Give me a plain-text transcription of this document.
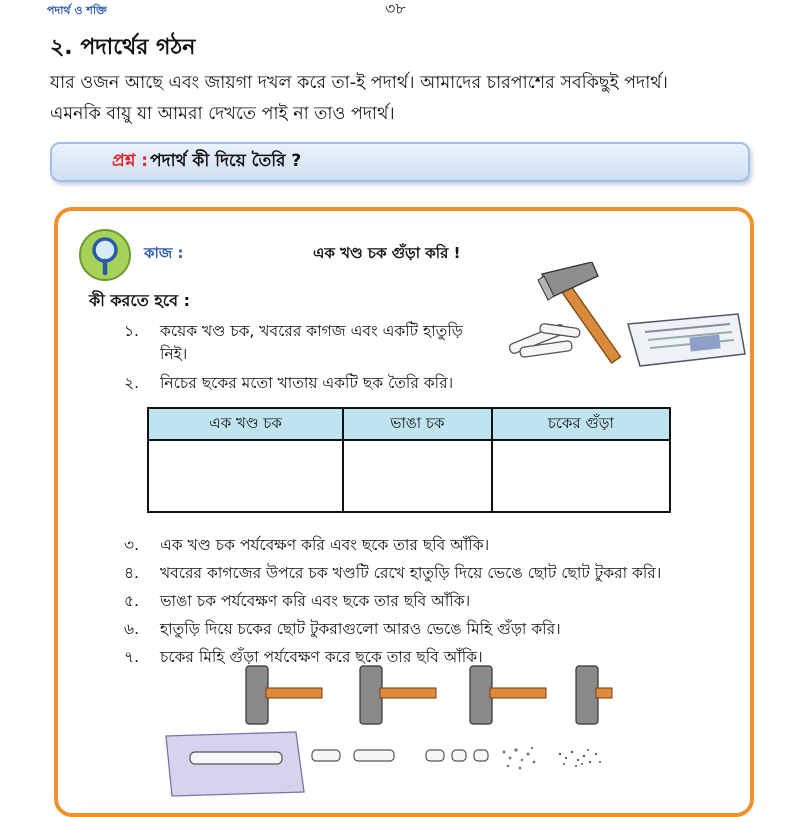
পদার্থ ও শক্তি	৩৮
২. পদার্থের গঠন
যার ওজন আছে এবং জায়গা দখল করে তা-ই পদার্থ। আমাদের চারপাশের সবকিছুই পদার্থ।
এমনকি বায়ু যা আমরা দেখতে পাই না তাও পদার্থ।
প্রশ্ন : পদার্থ কী দিয়ে তৈরি ?
কাজ :	এক খণ্ড চক গুঁড়া করি !
কী করতে হবে :
১. কয়েক খণ্ড চক, খবরের কাগজ এবং একটি হাতুড়ি
নিই।
২. নিচের ছকের মতো খাতায় একটি ছক তৈরি করি।
এক খণ্ড চক	ভাঙা চক	চকের গুঁড়া

৩. এক খণ্ড চক পর্যবেক্ষণ করি এবং ছকে তার ছবি আঁকি।
৪. খবরের কাগজের উপরে চক খণ্ডটি রেখে হাতুড়ি দিয়ে ভেঙে ছোট ছোট টুকরা করি।
৫. ভাঙা চক পর্যবেক্ষণ করি এবং ছকে তার ছবি আঁকি।
৬. হাতুড়ি দিয়ে চকের ছোট টুকরাগুলো আরও ভেঙে মিহি গুঁড়া করি।
৭. চকের মিহি গুঁড়া পর্যবেক্ষণ করে ছকে তার ছবি আঁকি।
